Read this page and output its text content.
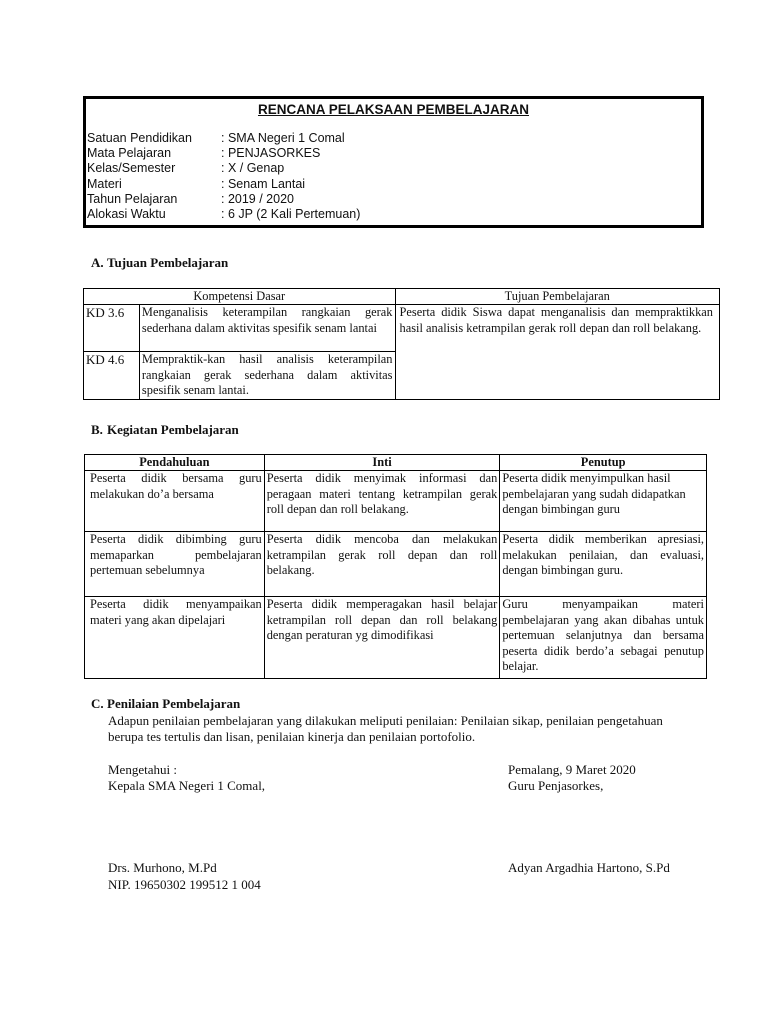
RENCANA PELAKSAAN PEMBELAJARAN
Satuan Pendidikan	: SMA Negeri 1 Comal
Mata Pelajaran	: PENJASORKES
Kelas/Semester	: X / Genap
Materi	: Senam Lantai
Tahun Pelajaran	: 2019 / 2020
Alokasi Waktu	: 6 JP (2 Kali Pertemuan)
A. Tujuan Pembelajaran
Kompetensi Dasar		Tujuan Pembelajaran
KD 3.6	Menganalisis keterampilan rangkaian gerak sederhana dalam aktivitas spesifik senam lantai	Peserta didik Siswa dapat menganalisis dan mempraktikkan hasil analisis ketrampilan gerak roll depan dan roll belakang.
KD 4.6	Mempraktik-kan hasil analisis keterampilan rangkaian gerak sederhana dalam aktivitas spesifik senam lantai.	
B. Kegiatan Pembelajaran
Pendahuluan	Inti	Penutup
Peserta didik bersama guru melakukan do’a bersama	Peserta didik menyimak informasi dan peragaan materi tentang ketrampilan gerak roll depan dan roll belakang.	Peserta didik menyimpulkan hasil pembelajaran yang sudah didapatkan dengan bimbingan guru
Peserta didik dibimbing guru memaparkan pembelajaran pertemuan sebelumnya	Peserta didik mencoba dan melakukan ketrampilan gerak roll depan dan roll belakang.	Peserta didik memberikan apresiasi, melakukan penilaian, dan evaluasi, dengan bimbingan guru.
Peserta didik menyampaikan materi yang akan dipelajari	Peserta didik memperagakan hasil belajar ketrampilan roll depan dan roll belakang dengan peraturan yg dimodifikasi	Guru menyampaikan materi pembelajaran yang akan dibahas untuk pertemuan selanjutnya dan bersama peserta didik berdo’a sebagai penutup belajar.
C. Penilaian Pembelajaran
Adapun penilaian pembelajaran yang dilakukan meliputi penilaian: Penilaian sikap, penilaian pengetahuan
berupa tes tertulis dan lisan, penilaian kinerja dan penilaian portofolio.
Mengetahui :
Kepala SMA Negeri 1 Comal,
Drs. Murhono, M.Pd
NIP. 19650302 199512 1 004
Pemalang, 9 Maret 2020
Guru Penjasorkes,
Adyan Argadhia Hartono, S.Pd
